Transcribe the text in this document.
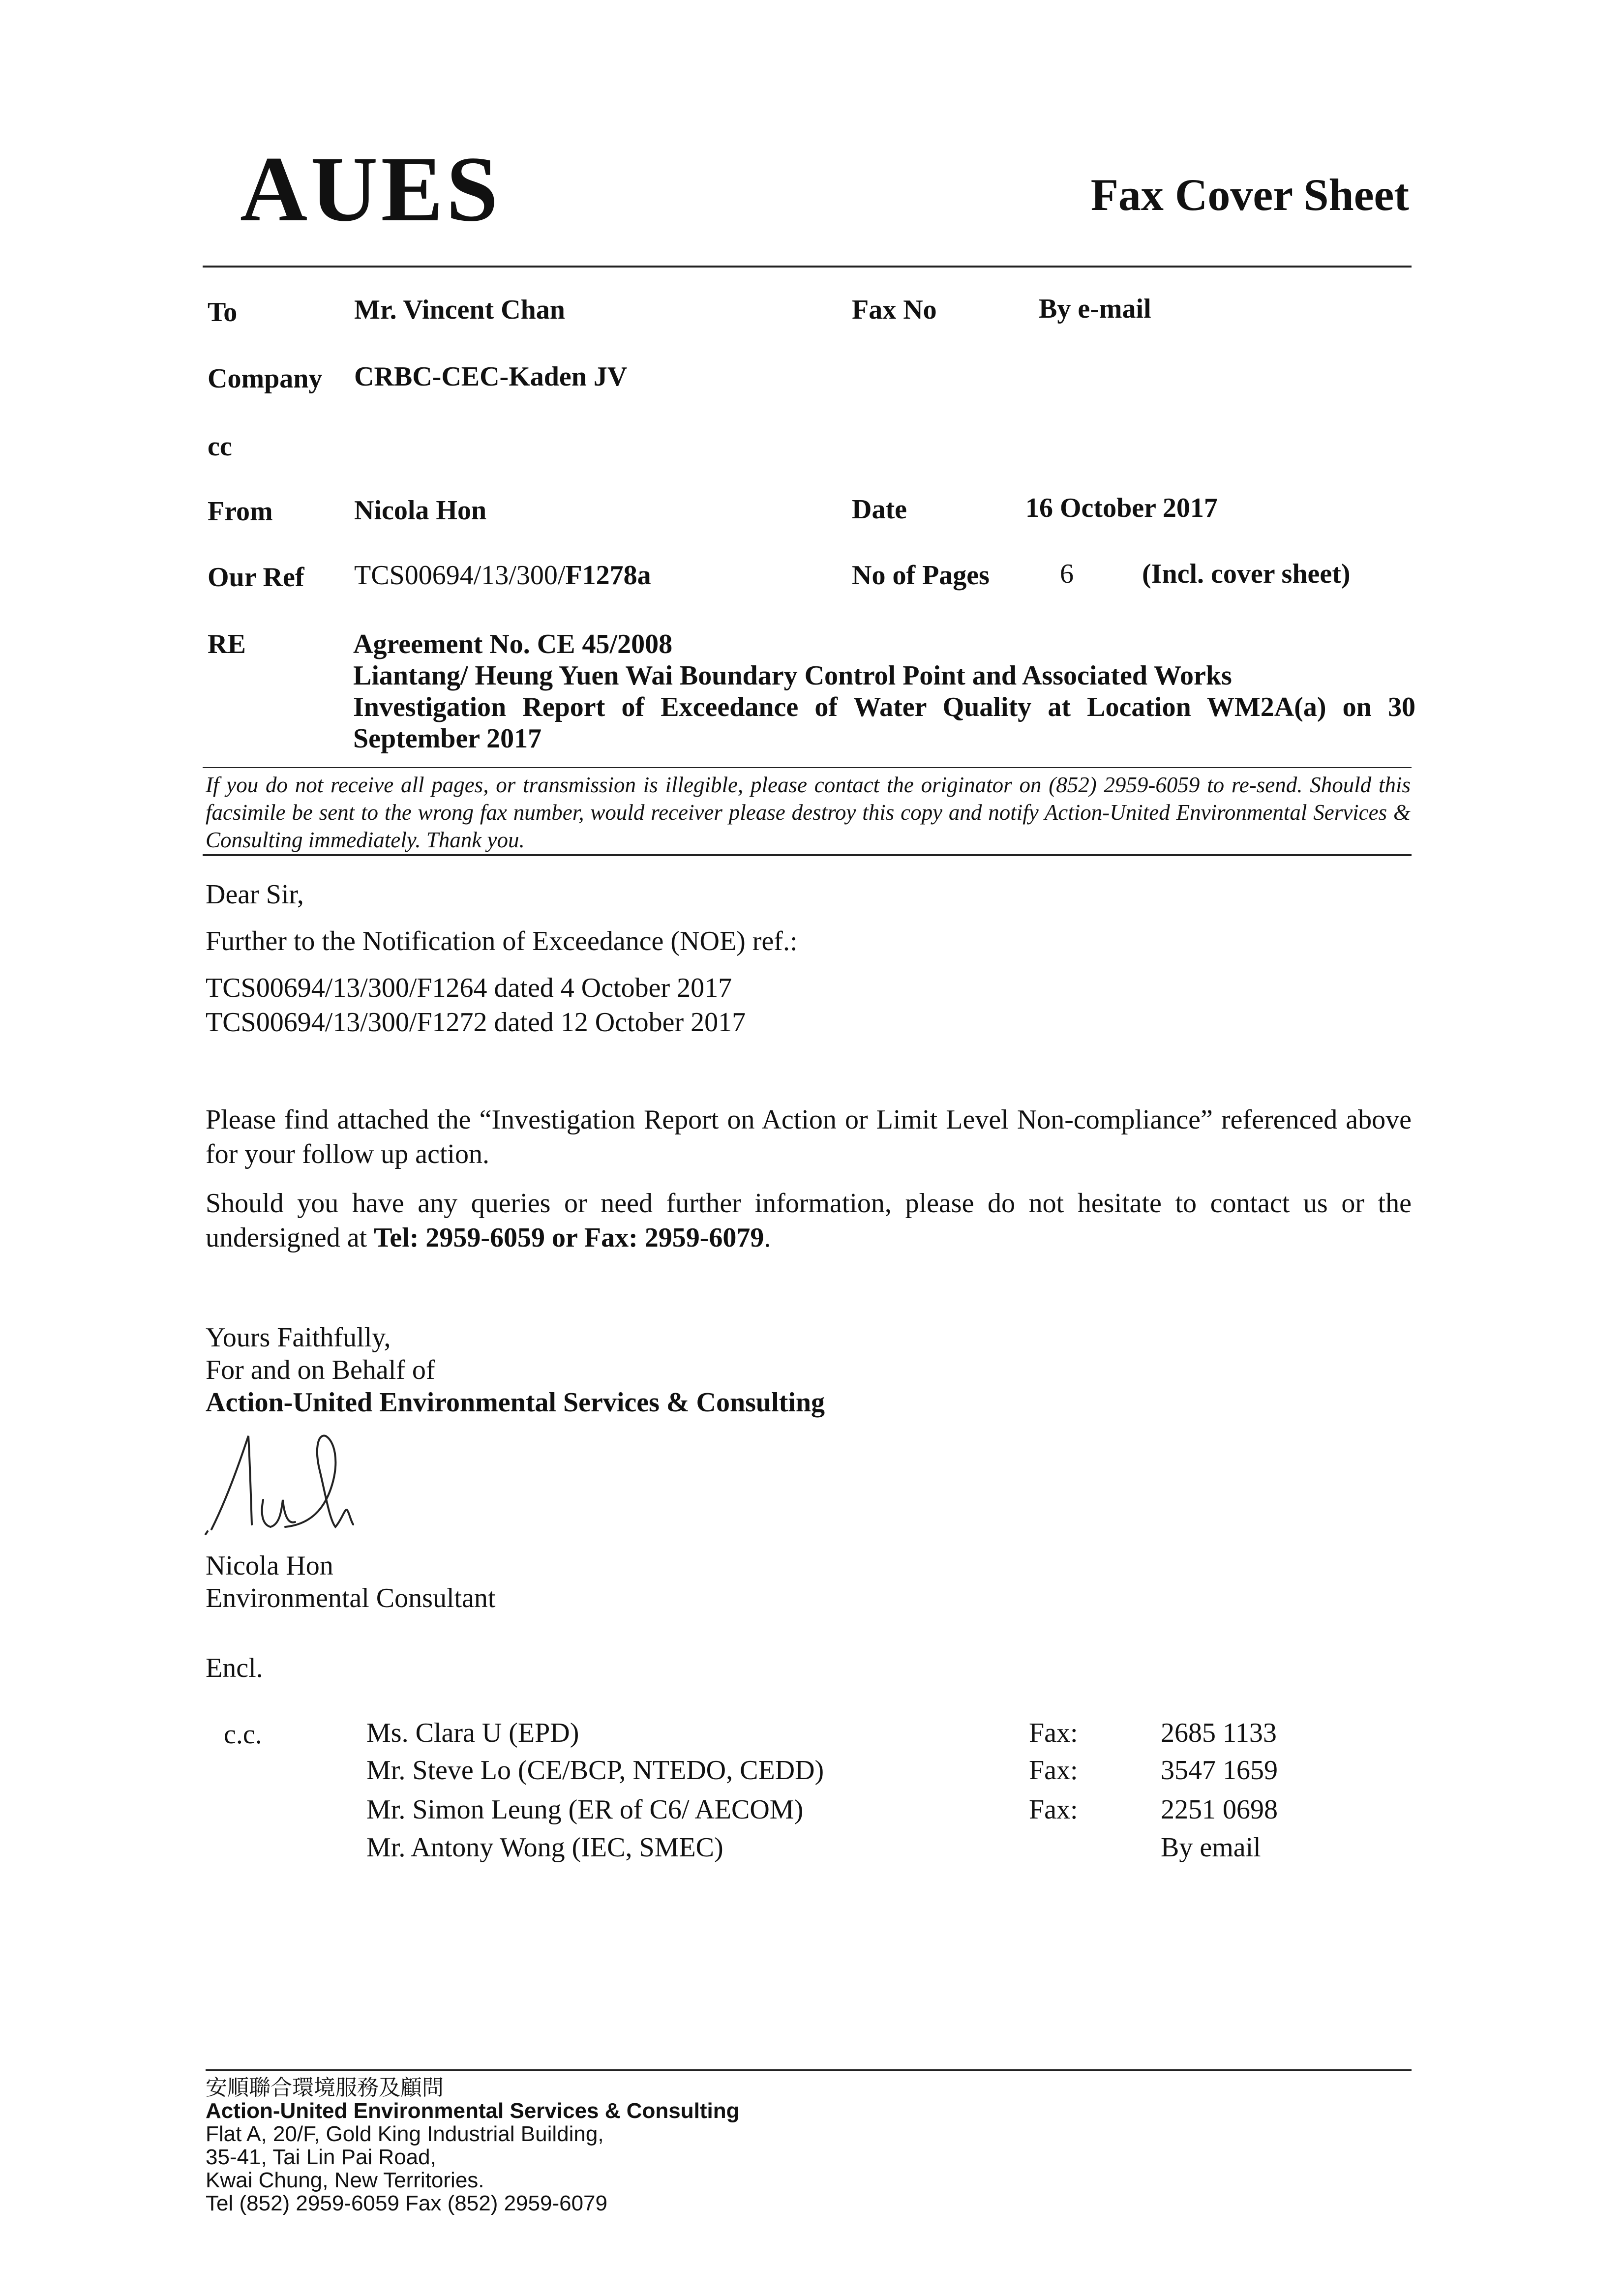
AUES	Fax Cover Sheet
To	Mr. Vincent Chan	Fax No	By e-mail
Company CRBC-CEC-Kaden JV
cc
From	Nicola Hon	Date	16 October 2017
Our Ref TCS00694/13/300/F1278a	No of Pages	6 (Incl. cover sheet)
RE	Agreement No. CE 45/2008
Liantang/ Heung Yuen Wai Boundary Control Point and Associated Works
Investigation Report of Exceedance of Water Quality at Location WM2A(a) on 30
September 2017
If you do not receive all pages, or transmission is illegible, please contact the originator on (852) 2959-6059 to re-send. Should this facsimile be sent to the wrong fax number, would receiver please destroy this copy and notify Action-United Environmental Services & Consulting immediately. Thank you.
Dear Sir,
Further to the Notification of Exceedance (NOE) ref.:
TCS00694/13/300/F1264 dated 4 October 2017
TCS00694/13/300/F1272 dated 12 October 2017
Please find attached the “Investigation Report on Action or Limit Level Non-compliance” referenced above for your follow up action.
Should you have any queries or need further information, please do not hesitate to contact us or the undersigned at Tel: 2959-6059 or Fax: 2959-6079.
Yours Faithfully,
For and on Behalf of
Action-United Environmental Services & Consulting
Nicola Hon
Environmental Consultant
Encl.
c.c.	Ms. Clara U (EPD)	Fax:	2685 1133
Mr. Steve Lo (CE/BCP, NTEDO, CEDD)	Fax:	3547 1659
Mr. Simon Leung (ER of C6/ AECOM)	Fax:	2251 0698
Mr. Antony Wong (IEC, SMEC)	By email
安順聯合環境服務及顧問
Action-United Environmental Services & Consulting
Flat A, 20/F, Gold King Industrial Building,
35-41, Tai Lin Pai Road,
Kwai Chung, New Territories.
Tel (852) 2959-6059 Fax (852) 2959-6079
